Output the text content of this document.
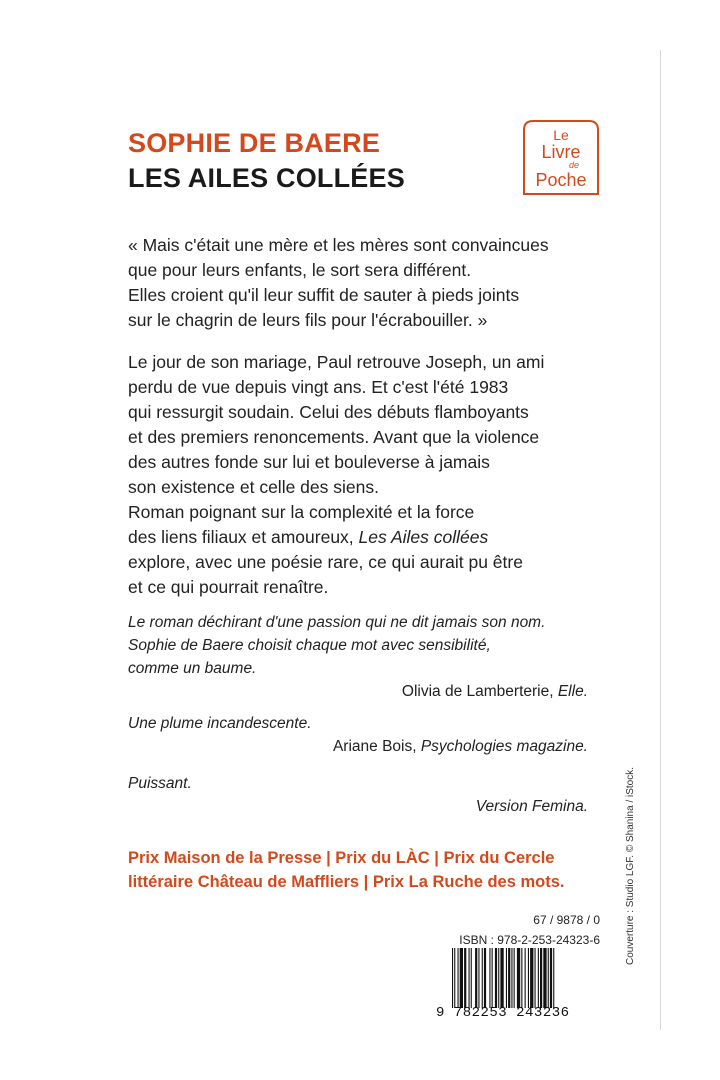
SOPHIE DE BAERE
LES AILES COLLÉES
Le
Livre
de
Poche
« Mais c'était une mère et les mères sont convaincues
que pour leurs enfants, le sort sera différent.
Elles croient qu'il leur suffit de sauter à pieds joints
sur le chagrin de leurs fils pour l'écrabouiller. »
Le jour de son mariage, Paul retrouve Joseph, un ami
perdu de vue depuis vingt ans. Et c'est l'été 1983
qui ressurgit soudain. Celui des débuts flamboyants
et des premiers renoncements. Avant que la violence
des autres fonde sur lui et bouleverse à jamais
son existence et celle des siens.
Roman poignant sur la complexité et la force
des liens filiaux et amoureux, Les Ailes collées
explore, avec une poésie rare, ce qui aurait pu être
et ce qui pourrait renaître.
Le roman déchirant d'une passion qui ne dit jamais son nom.
Sophie de Baere choisit chaque mot avec sensibilité,
comme un baume.
Olivia de Lamberterie, Elle.
Une plume incandescente.
Ariane Bois, Psychologies magazine.
Puissant.
Version Femina.
Prix Maison de la Presse | Prix du LÀC | Prix du Cercle
littéraire Château de Maffliers | Prix La Ruche des mots.
67 / 9878 / 0
ISBN : 978-2-253-24323-6
9 782253 243236
Couverture : Studio LGF. © Shanina / iStock.
